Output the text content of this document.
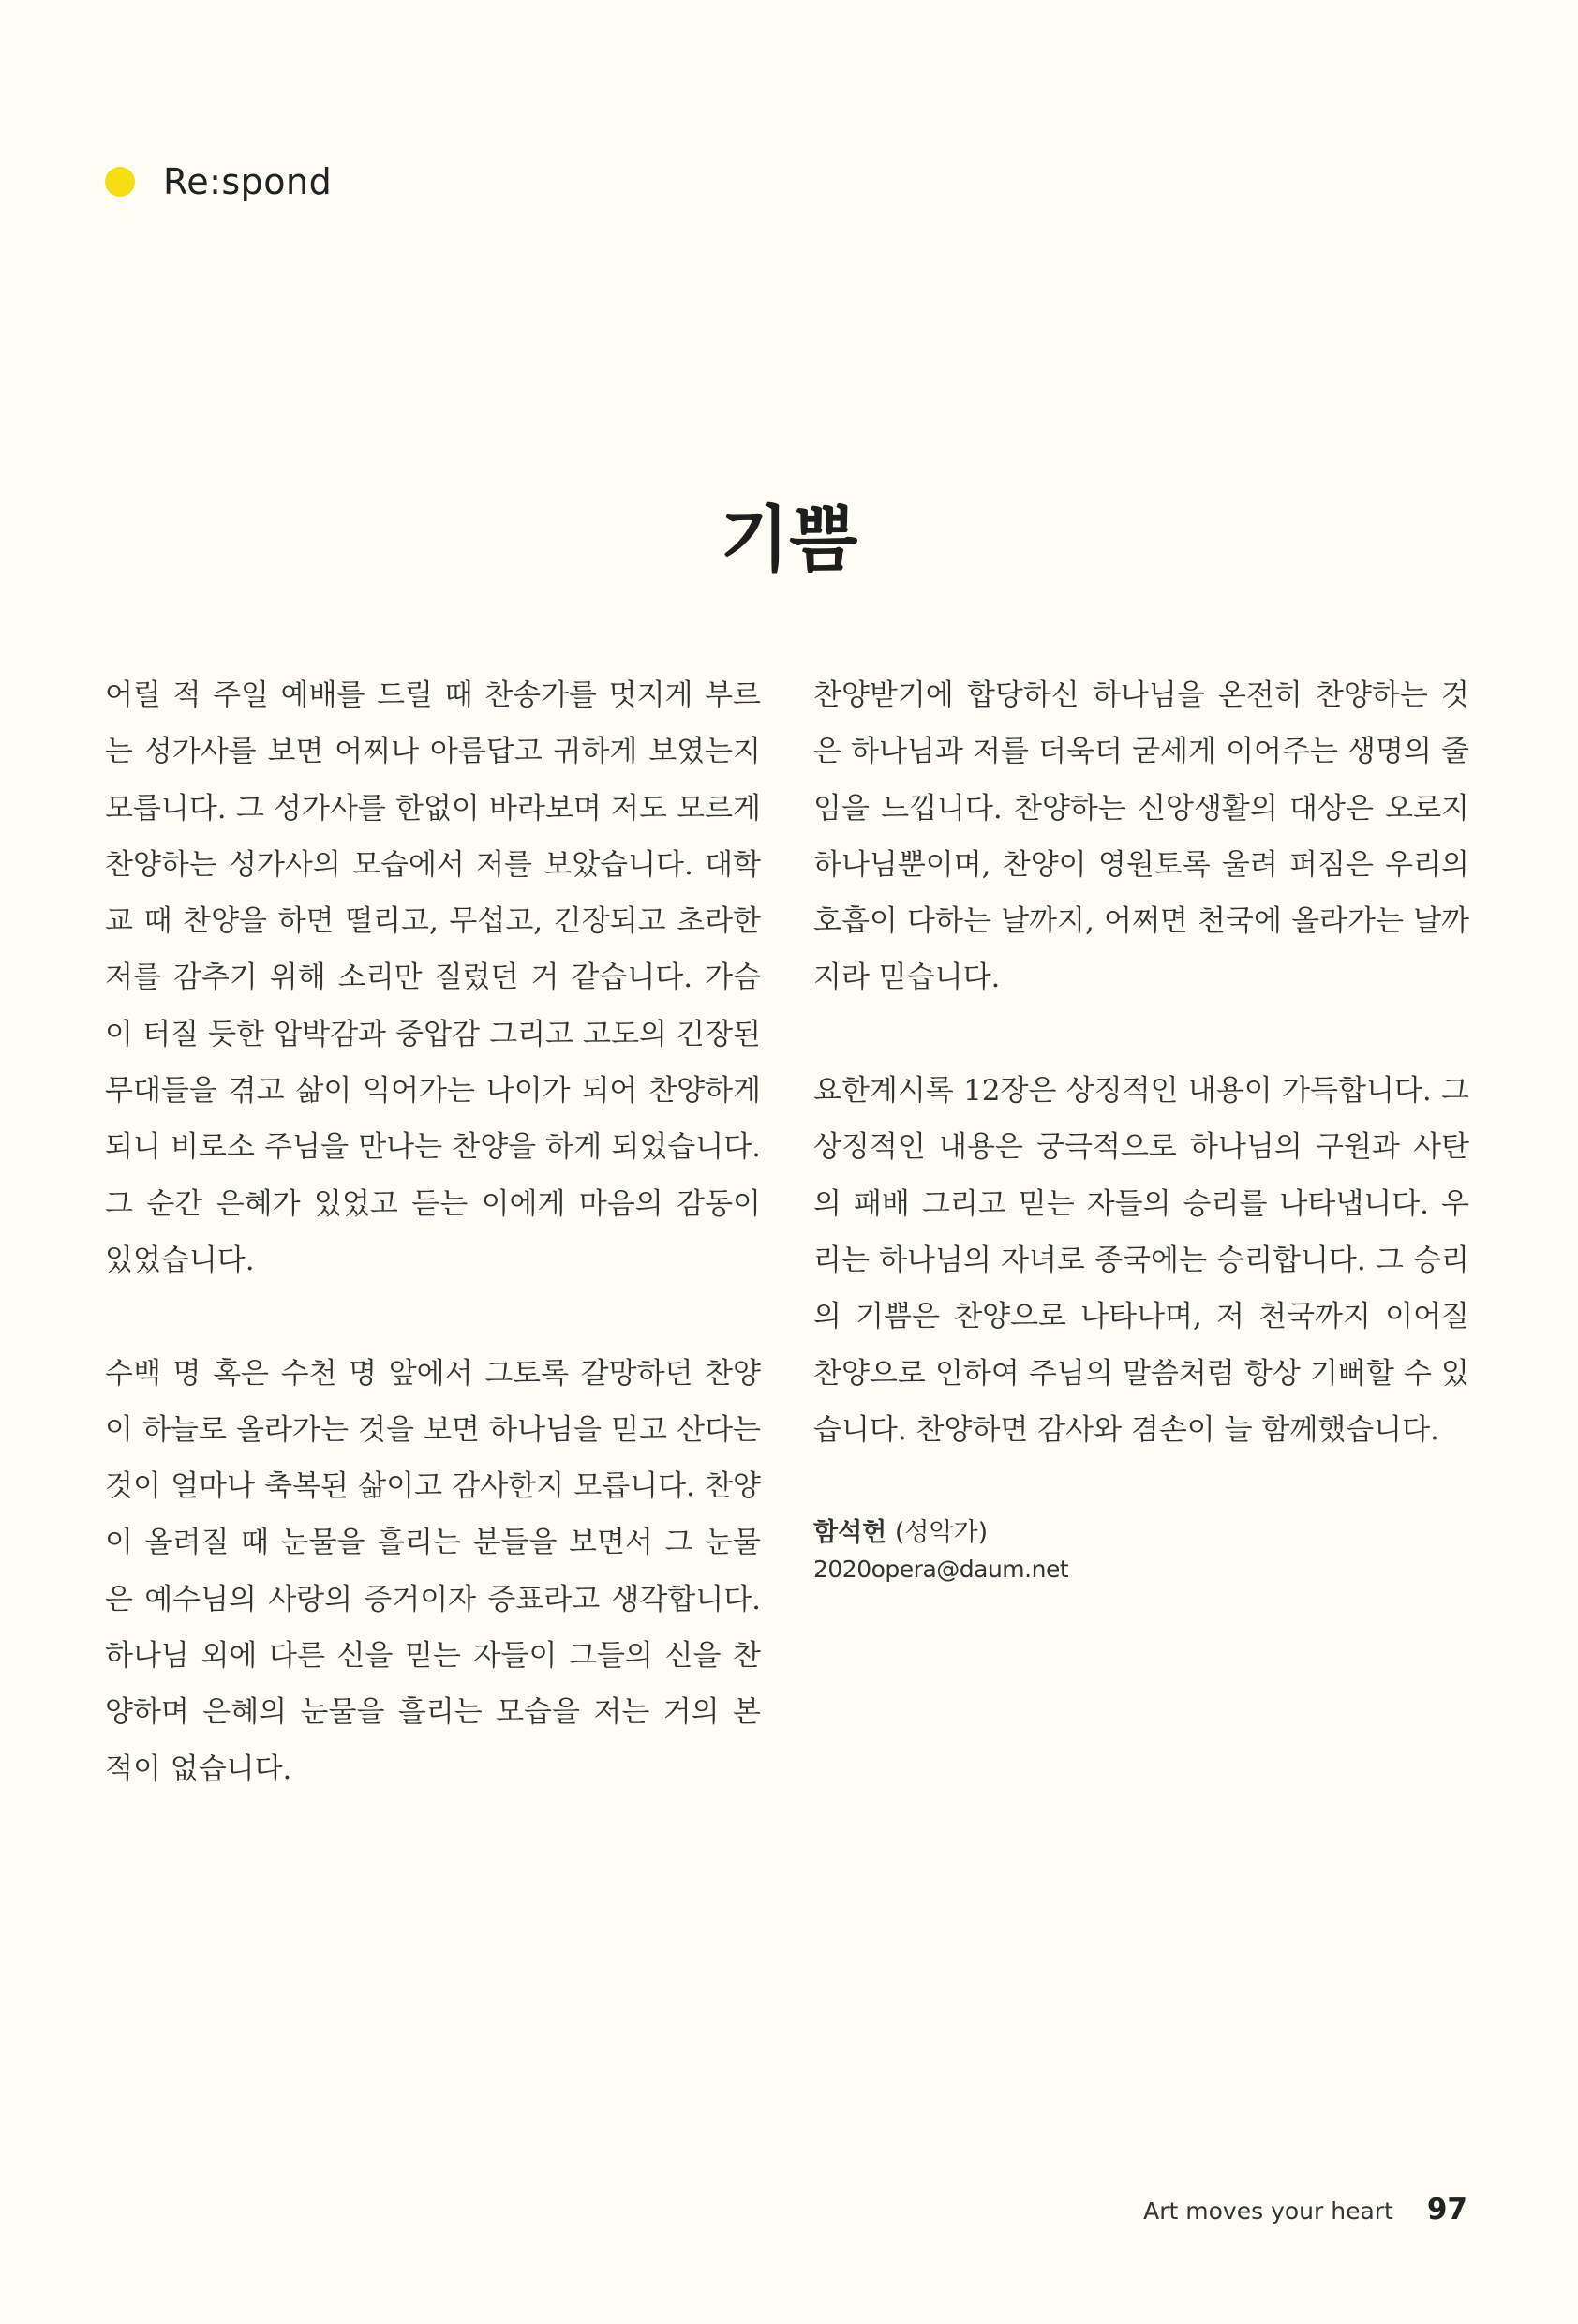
Re:spond
기쁨

어릴 적 주일 예배를 드릴 때 찬송가를 멋지게 부르는 성가사를 보면 어찌나 아름답고 귀하게 보였는지 모릅니다. 그 성가사를 한없이 바라보며 저도 모르게 찬양하는 성가사의 모습에서 저를 보았습니다. 대학교 때 찬양을 하면 떨리고, 무섭고, 긴장되고 초라한 저를 감추기 위해 소리만 질렀던 거 같습니다. 가슴이 터질 듯한 압박감과 중압감 그리고 고도의 긴장된 무대들을 겪고 삶이 익어가는 나이가 되어 찬양하게 되니 비로소 주님을 만나는 찬양을 하게 되었습니다. 그 순간 은혜가 있었고 듣는 이에게 마음의 감동이 있었습니다.

수백 명 혹은 수천 명 앞에서 그토록 갈망하던 찬양이 하늘로 올라가는 것을 보면 하나님을 믿고 산다는 것이 얼마나 축복된 삶이고 감사한지 모릅니다. 찬양이 올려질 때 눈물을 흘리는 분들을 보면서 그 눈물은 예수님의 사랑의 증거이자 증표라고 생각합니다. 하나님 외에 다른 신을 믿는 자들이 그들의 신을 찬양하며 은혜의 눈물을 흘리는 모습을 저는 거의 본 적이 없습니다.

찬양받기에 합당하신 하나님을 온전히 찬양하는 것은 하나님과 저를 더욱더 굳세게 이어주는 생명의 줄임을 느낍니다. 찬양하는 신앙생활의 대상은 오로지 하나님뿐이며, 찬양이 영원토록 울려 퍼짐은 우리의 호흡이 다하는 날까지, 어쩌면 천국에 올라가는 날까지라 믿습니다.

요한계시록 12장은 상징적인 내용이 가득합니다. 그 상징적인 내용은 궁극적으로 하나님의 구원과 사탄의 패배 그리고 믿는 자들의 승리를 나타냅니다. 우리는 하나님의 자녀로 종국에는 승리합니다. 그 승리의 기쁨은 찬양으로 나타나며, 저 천국까지 이어질 찬양으로 인하여 주님의 말씀처럼 항상 기뻐할 수 있습니다. 찬양하면 감사와 겸손이 늘 함께했습니다.

함석헌 (성악가)
2020opera@daum.net
Art moves your heart 97
